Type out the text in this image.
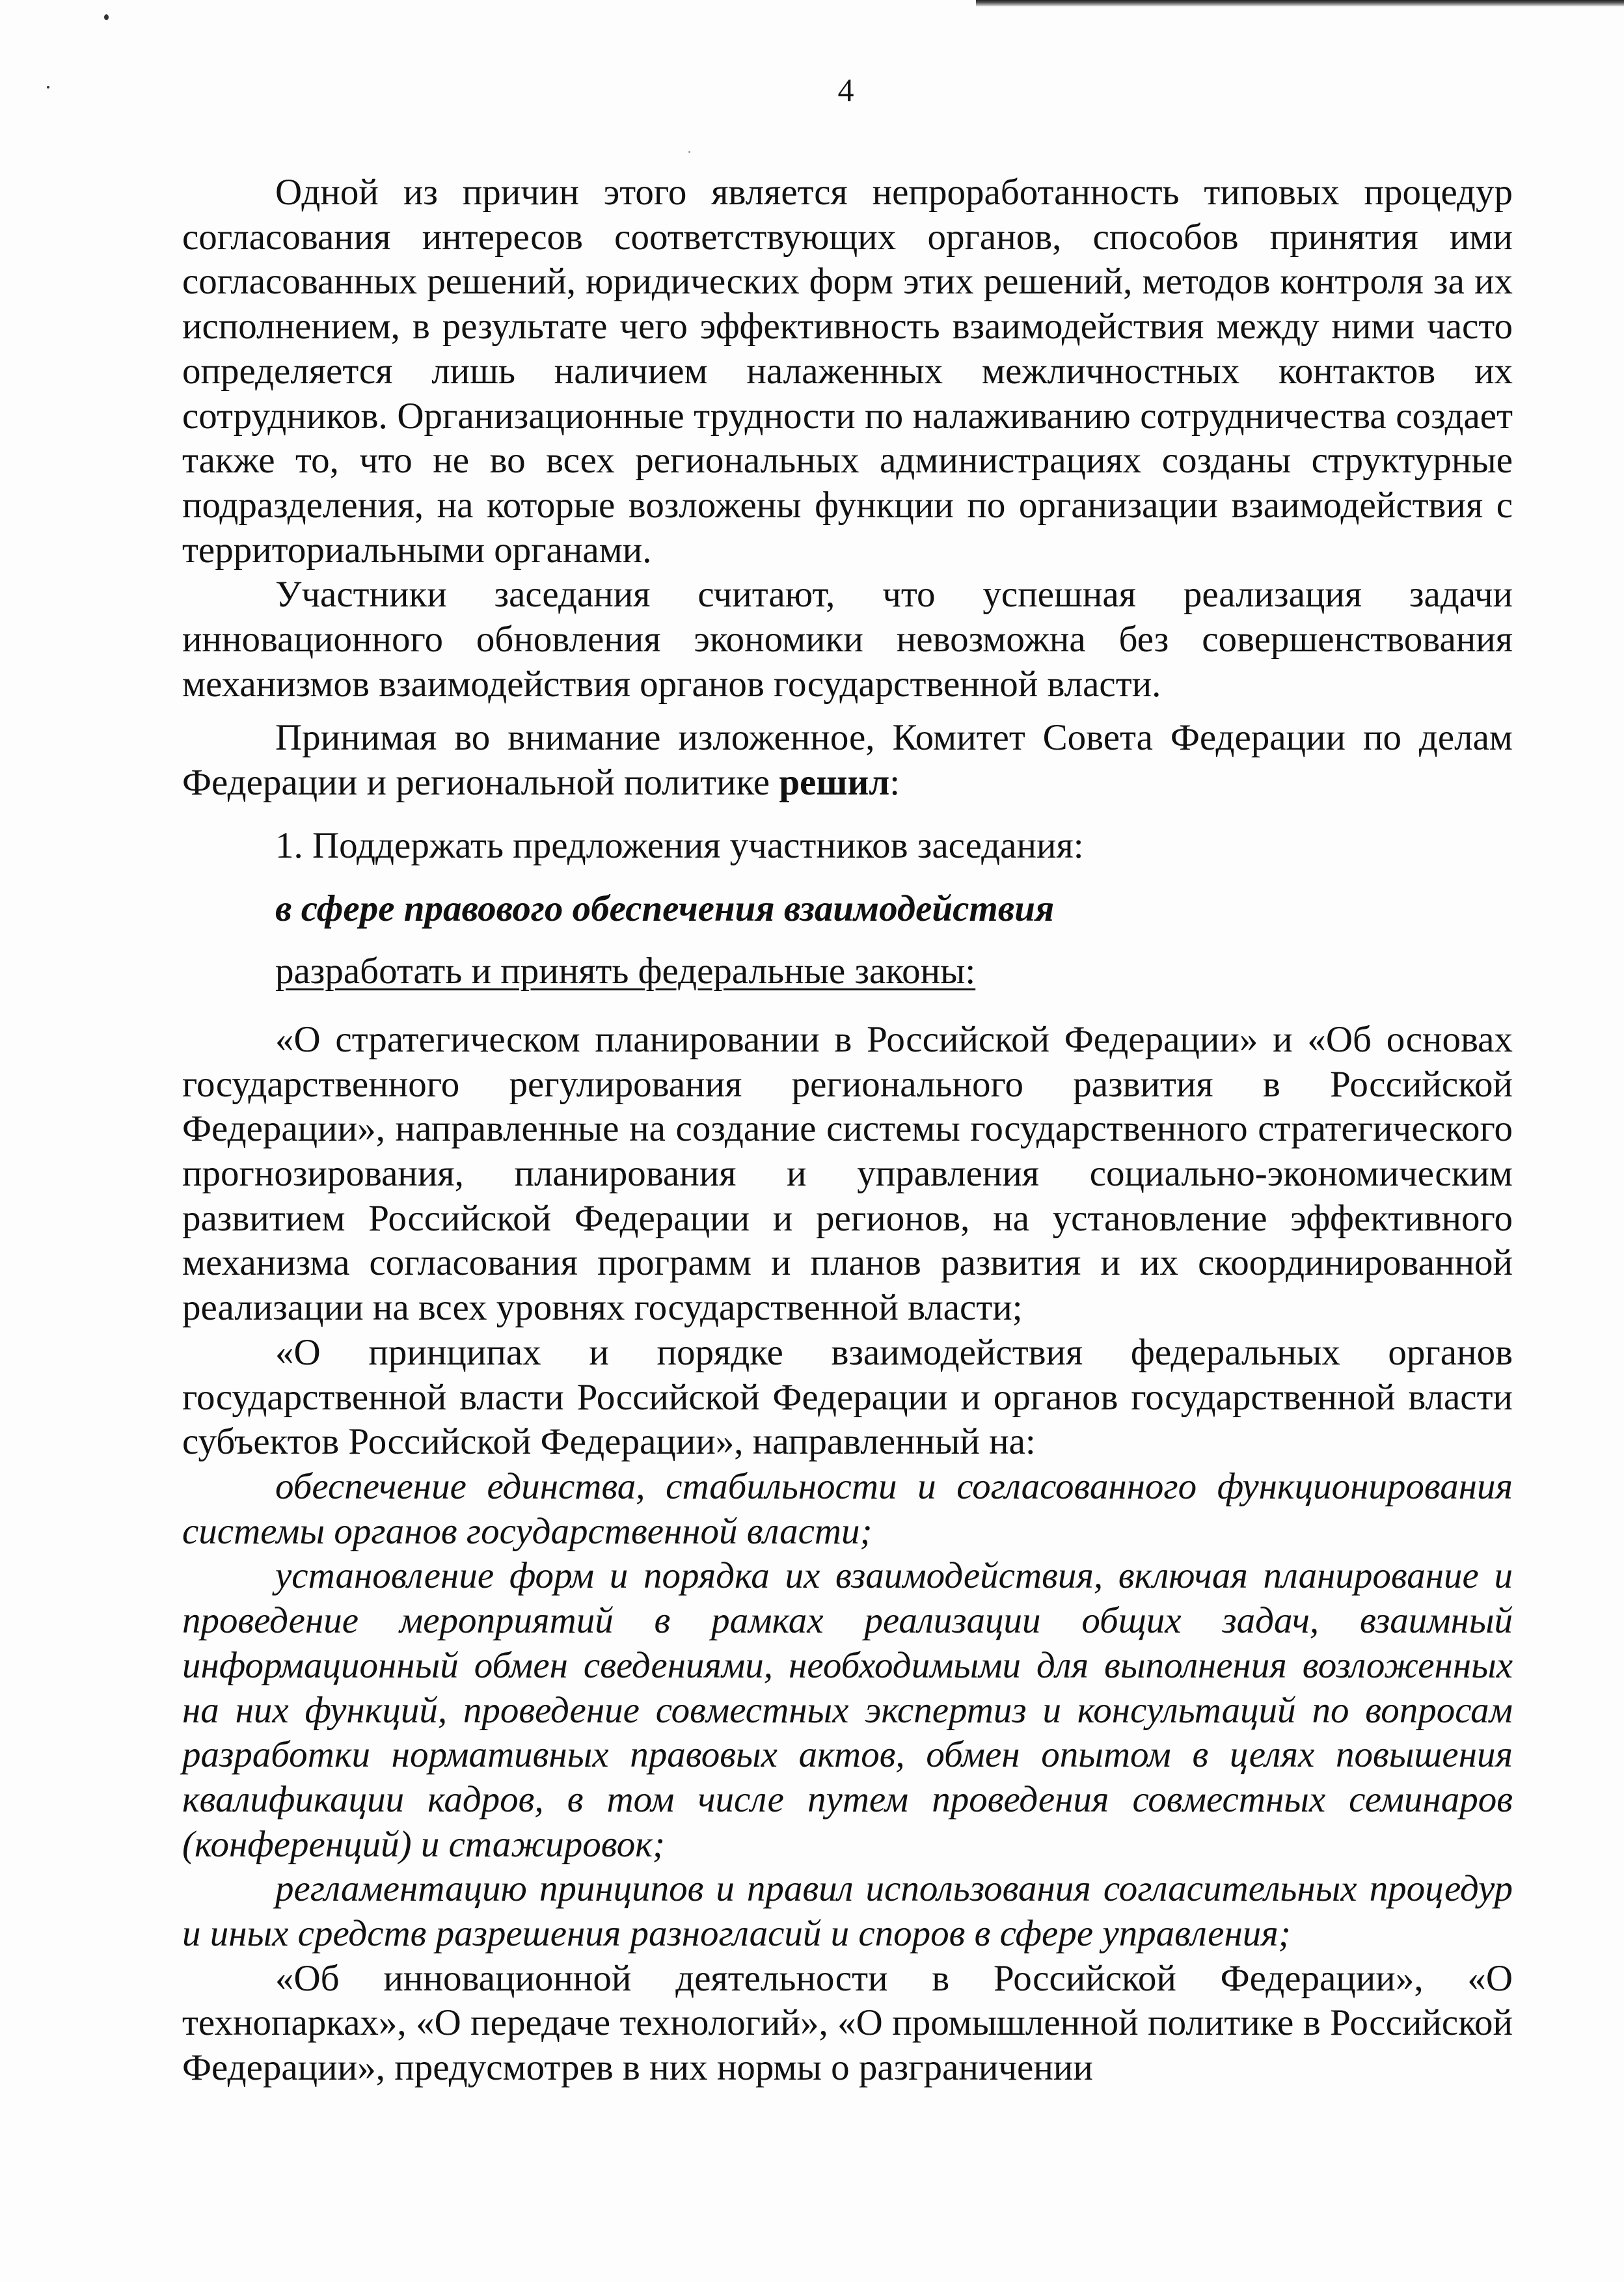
4

Одной из причин этого является непроработанность типовых процедур согласования интересов соответствующих органов, способов принятия ими согласованных решений, юридических форм этих решений, методов контроля за их исполнением, в результате чего эффективность взаимодействия между ними часто определяется лишь наличием налаженных межличностных контактов их сотрудников. Организационные трудности по налаживанию сотрудничества создает также то, что не во всех региональных администрациях созданы структурные подразделения, на которые возложены функции по организации взаимодействия с территориальными органами.

Участники заседания считают, что успешная реализация задачи инновационного обновления экономики невозможна без совершенствования механизмов взаимодействия органов государственной власти.

Принимая во внимание изложенное, Комитет Совета Федерации по делам Федерации и региональной политике решил:

1. Поддержать предложения участников заседания:

в сфере правового обеспечения взаимодействия

разработать и принять федеральные законы:

«О стратегическом планировании в Российской Федерации» и «Об основах государственного регулирования регионального развития в Российской Федерации», направленные на создание системы государственного стратегического прогнозирования, планирования и управления социально-экономическим развитием Российской Федерации и регионов, на установление эффективного механизма согласования программ и планов развития и их скоординированной реализации на всех уровнях государственной власти;

«О принципах и порядке взаимодействия федеральных органов государственной власти Российской Федерации и органов государственной власти субъектов Российской Федерации», направленный на:

обеспечение единства, стабильности и согласованного функционирования системы органов государственной власти;

установление форм и порядка их взаимодействия, включая планирование и проведение мероприятий в рамках реализации общих задач, взаимный информационный обмен сведениями, необходимыми для выполнения возложенных на них функций, проведение совместных экспертиз и консультаций по вопросам разработки нормативных правовых актов, обмен опытом в целях повышения квалификации кадров, в том числе путем проведения совместных семинаров (конференций) и стажировок;

регламентацию принципов и правил использования согласительных процедур и иных средств разрешения разногласий и споров в сфере управления;

«Об инновационной деятельности в Российской Федерации», «О технопарках», «О передаче технологий», «О промышленной политике в Российской Федерации», предусмотрев в них нормы о разграничении
